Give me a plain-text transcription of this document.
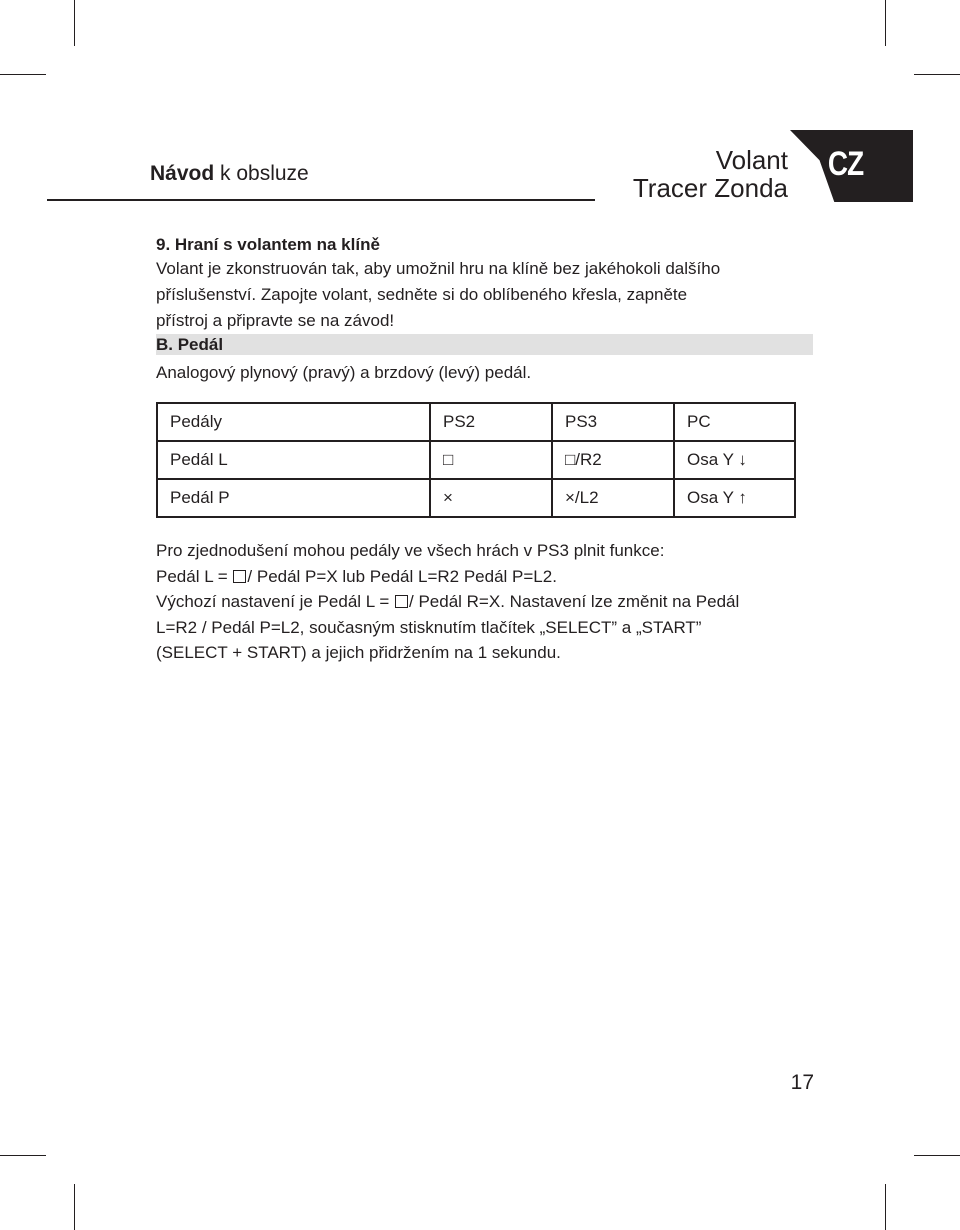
Návod k obsluze	Volant
Tracer Zonda
CZ
9. Hraní s volantem na klíně
Volant je zkonstruován tak, aby umožnil hru na klíně bez jakéhokoli dalšího
příslušenství. Zapojte volant, sedněte si do oblíbeného křesla, zapněte
přístroj a připravte se na závod!
B. Pedál
Analogový plynový (pravý) a brzdový (levý) pedál.
Pedály	PS2	PS3	PC
Pedál L	□	□/R2	Osa Y ↓
Pedál P	×	×/L2	Osa Y ↑
Pro zjednodušení mohou pedály ve všech hrách v PS3 plnit funkce:
Pedál L = / Pedál P=X lub Pedál L=R2 Pedál P=L2.
Výchozí nastavení je Pedál L = / Pedál R=X. Nastavení lze změnit na Pedál
L=R2 / Pedál P=L2, současným stisknutím tlačítek „SELECT” a „START”
(SELECT + START) a jejich přidržením na 1 sekundu.
17
